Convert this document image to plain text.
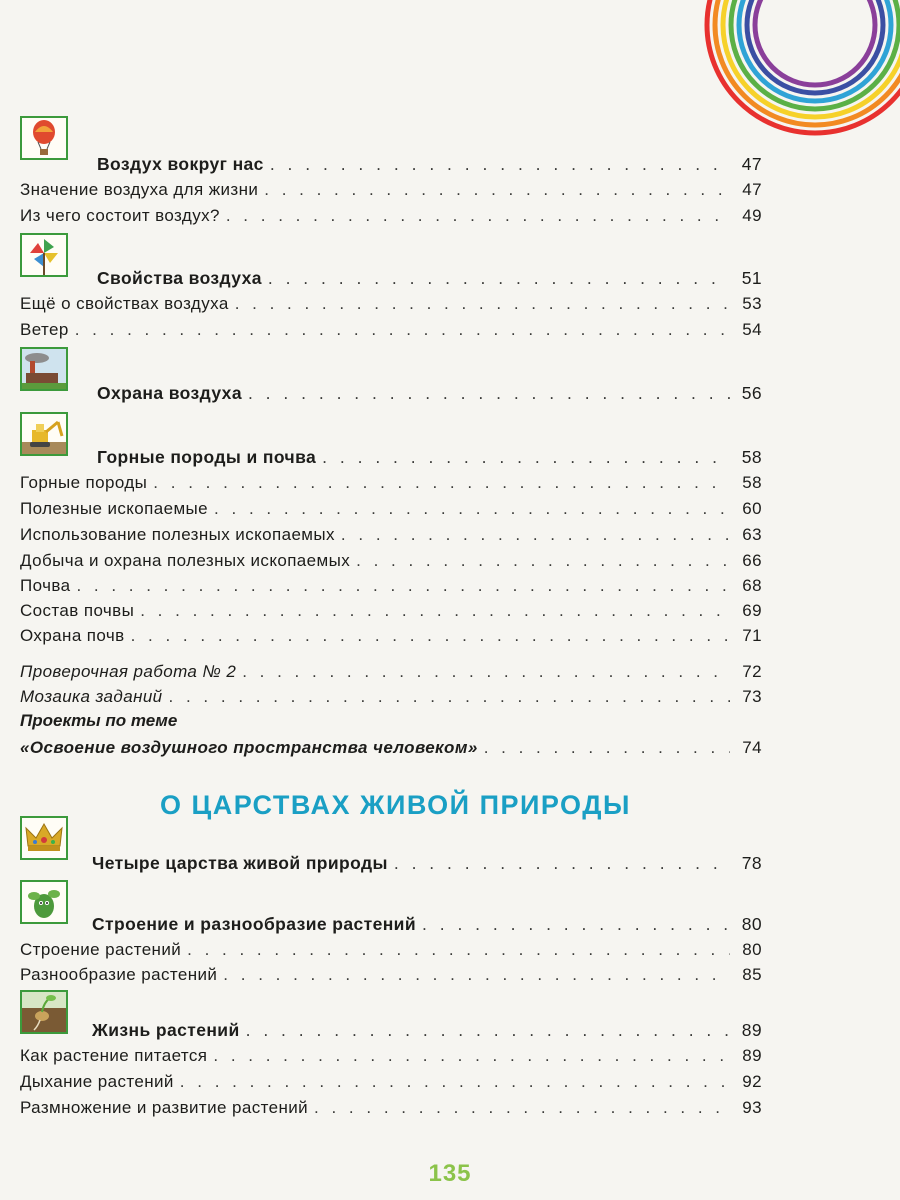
Воздух вокруг нас . . .	47
Значение воздуха для жизни . . .	47
Из чего состоит воздух? . . .	49
Свойства воздуха . . .	51
Ещё о свойствах воздуха . . .	53
Ветер . . .	54
Охрана воздуха . . .	56
Горные породы и почва . . .	58
Горные породы . . .	58
Полезные ископаемые . . .	60
Использование полезных ископаемых . . .	63
Добыча и охрана полезных ископаемых . . .	66
Почва . . .	68
Состав почвы . . .	69
Охрана почв . . .	71
Проверочная работа № 2 . . .	72
Мозаика заданий . . .	73
Проекты по теме
«Освоение воздушного пространства человеком» . . .	74
О ЦАРСТВАХ ЖИВОЙ ПРИРОДЫ
Четыре царства живой природы . . .	78
Строение и разнообразие растений . . .	80
Строение растений . . .	80
Разнообразие растений . . .	85
Жизнь растений . . .	89
Как растение питается . . .	89
Дыхание растений . . .	92
Размножение и развитие растений . . .	93
135
